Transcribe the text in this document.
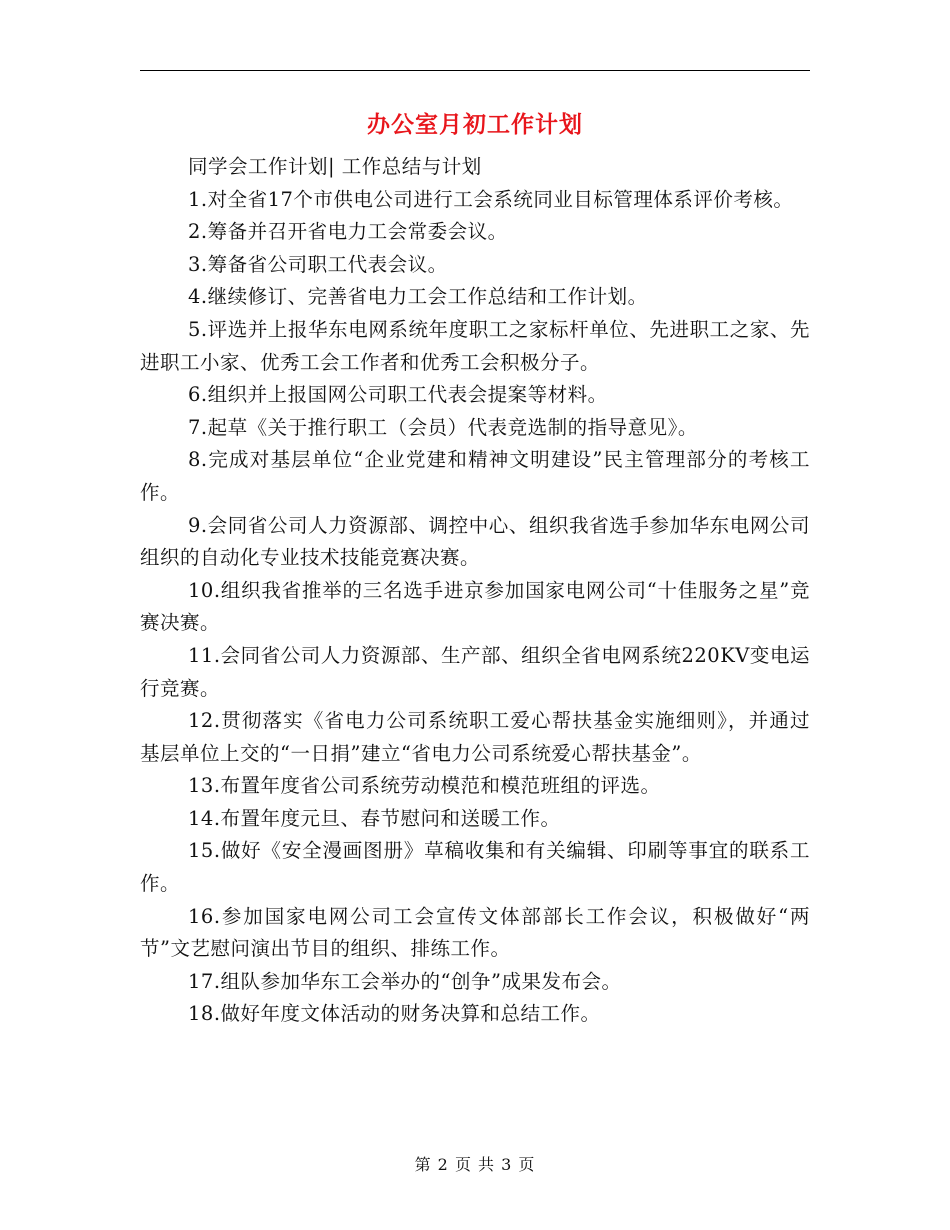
办公室月初工作计划

同学会工作计划| 工作总结与计划

1.对全省17个市供电公司进行工会系统同业目标管理体系评价考核。

2.筹备并召开省电力工会常委会议。

3.筹备省公司职工代表会议。

4.继续修订、完善省电力工会工作总结和工作计划。

5.评选并上报华东电网系统年度职工之家标杆单位、先进职工之家、先进职工小家、优秀工会工作者和优秀工会积极分子。

6.组织并上报国网公司职工代表会提案等材料。

7.起草《关于推行职工（会员）代表竞选制的指导意见》。

8.完成对基层单位“企业党建和精神文明建设”民主管理部分的考核工作。

9.会同省公司人力资源部、调控中心、组织我省选手参加华东电网公司组织的自动化专业技术技能竞赛决赛。

10.组织我省推举的三名选手进京参加国家电网公司“十佳服务之星”竞赛决赛。

11.会同省公司人力资源部、生产部、组织全省电网系统220KV变电运行竞赛。

12.贯彻落实《省电力公司系统职工爱心帮扶基金实施细则》，并通过基层单位上交的“一日捐”建立“省电力公司系统爱心帮扶基金”。

13.布置年度省公司系统劳动模范和模范班组的评选。

14.布置年度元旦、春节慰问和送暖工作。

15.做好《安全漫画图册》草稿收集和有关编辑、印刷等事宜的联系工作。

16.参加国家电网公司工会宣传文体部部长工作会议，积极做好“两节”文艺慰问演出节目的组织、排练工作。

17.组队参加华东工会举办的“创争”成果发布会。

18.做好年度文体活动的财务决算和总结工作。

第 2 页 共 3 页
